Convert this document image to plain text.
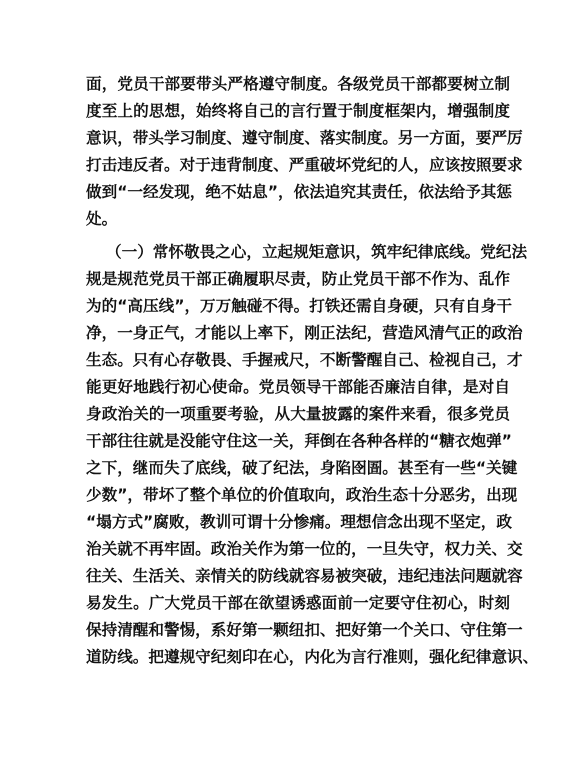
面，党员干部要带头严格遵守制度。各级党员干部都要树立制
度至上的思想，始终将自己的言行置于制度框架内，增强制度
意识，带头学习制度、遵守制度、落实制度。另一方面，要严厉
打击违反者。对于违背制度、严重破坏党纪的人，应该按照要求
做到“一经发现，绝不姑息”，依法追究其责任，依法给予其惩
处。
（一）常怀敬畏之心，立起规矩意识，筑牢纪律底线。党纪法
规是规范党员干部正确履职尽责，防止党员干部不作为、乱作
为的“高压线”，万万触碰不得。打铁还需自身硬，只有自身干
净，一身正气，才能以上率下，刚正法纪，营造风清气正的政治
生态。只有心存敬畏、手握戒尺，不断警醒自己、检视自己，才
能更好地践行初心使命。党员领导干部能否廉洁自律，是对自
身政治关的一项重要考验，从大量披露的案件来看，很多党员
干部往往就是没能守住这一关，拜倒在各种各样的“糖衣炮弹”
之下，继而失了底线，破了纪法，身陷囹圄。甚至有一些“关键
少数”，带坏了整个单位的价值取向，政治生态十分恶劣，出现
“塌方式”腐败，教训可谓十分惨痛。理想信念出现不坚定，政
治关就不再牢固。政治关作为第一位的，一旦失守，权力关、交
往关、生活关、亲情关的防线就容易被突破，违纪违法问题就容
易发生。广大党员干部在欲望诱惑面前一定要守住初心，时刻
保持清醒和警惕，系好第一颗纽扣、把好第一个关口、守住第一
道防线。把遵规守纪刻印在心，内化为言行准则，强化纪律意识、
